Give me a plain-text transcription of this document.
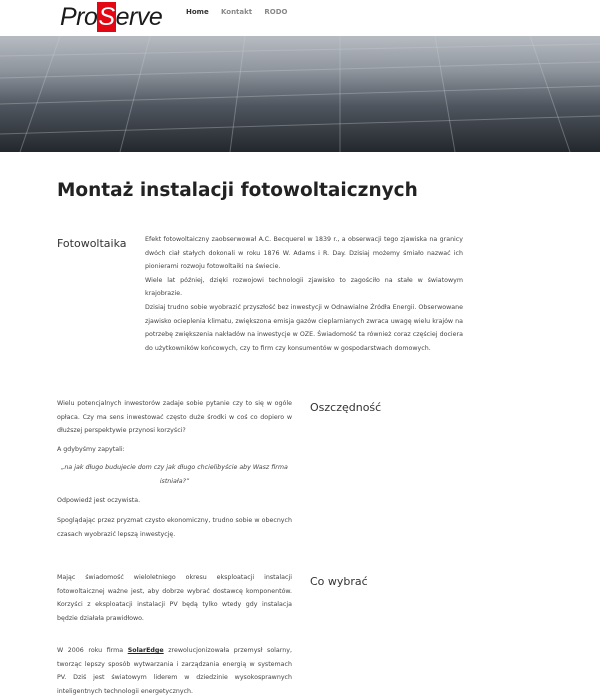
ProServe	Home Kontakt RODO
Montaż instalacji fotowoltaicznych
Fotowoltaika	Efekt fotowoltaiczny zaobserwował A.C. Becquerel w 1839 r., a obserwacji tego zjawiska na granicy dwóch ciał stałych dokonali w roku 1876 W. Adams i R. Day. Dzisiaj możemy śmiało nazwać ich pionierami rozwoju fotowoltaiki na świecie.
Wiele lat później, dzięki rozwojowi technologii zjawisko to zagościło na stałe w światowym krajobrazie.
Dzisiaj trudno sobie wyobrazić przyszłość bez inwestycji w Odnawialne Źródła Energii. Obserwowane zjawisko ocieplenia klimatu, zwiększona emisja gazów cieplarnianych zwraca uwagę wielu krajów na potrzebę zwiększenia nakładów na inwestycje w OZE. Świadomość ta również coraz częściej dociera do użytkowników końcowych, czy to firm czy konsumentów w gospodarstwach domowych.
Oszczędność
Wielu potencjalnych inwestorów zadaje sobie pytanie czy to się w ogóle opłaca. Czy ma sens inwestować często duże środki w coś co dopiero w dłuższej perspektywie przynosi korzyści?
A gdybyśmy zapytali:
„na jak długo budujecie dom czy jak długo chcielibyście aby Wasz firma istniała?”
Odpowiedź jest oczywista.
Spoglądając przez pryzmat czysto ekonomiczny, trudno sobie w obecnych czasach wyobrazić lepszą inwestycję.
Co wybrać
Mając świadomość wieloletniego okresu eksploatacji instalacji fotowoltaicznej ważne jest, aby dobrze wybrać dostawcę komponentów. Korzyści z eksploatacji instalacji PV będą tylko wtedy gdy instalacja będzie działała prawidłowo.
W 2006 roku firma SolarEdge zrewolucjonizowała przemysł solarny, tworząc lepszy sposób wytwarzania i zarządzania energią w systemach PV. Dziś jest światowym liderem w dziedzinie wysokosprawnych inteligentnych technologii energetycznych.
